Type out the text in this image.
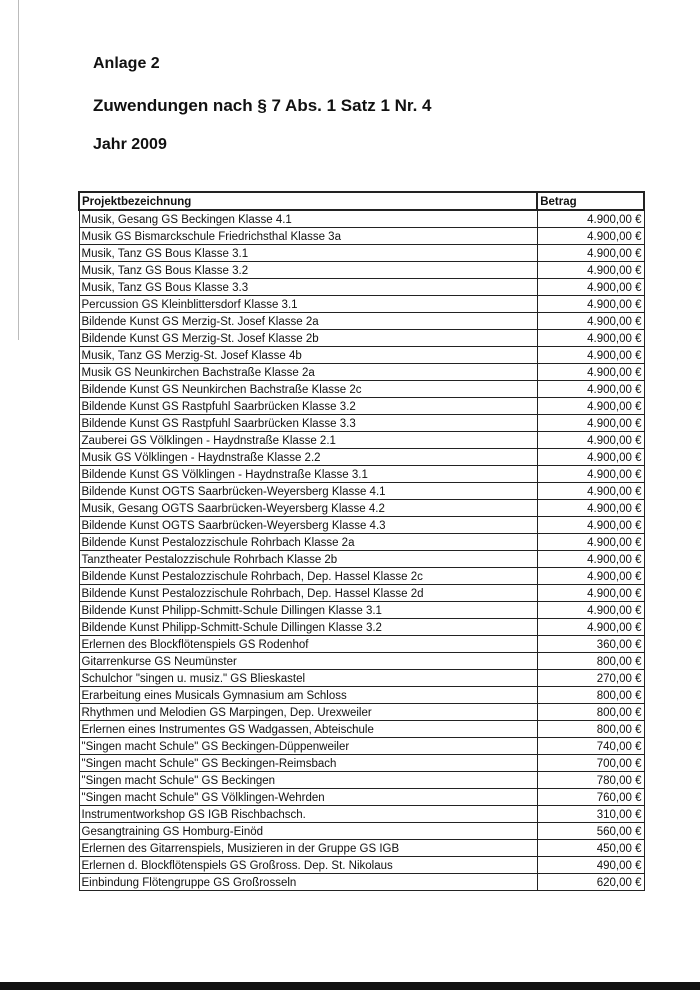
Anlage 2
Zuwendungen nach § 7 Abs. 1 Satz 1 Nr. 4
Jahr 2009
Projektbezeichnung	Betrag
Musik, Gesang GS Beckingen Klasse 4.1	4.900,00 €
Musik GS Bismarckschule Friedrichsthal Klasse 3a	4.900,00 €
Musik, Tanz GS Bous Klasse 3.1	4.900,00 €
Musik, Tanz GS Bous Klasse 3.2	4.900,00 €
Musik, Tanz GS Bous Klasse 3.3	4.900,00 €
Percussion GS Kleinblittersdorf Klasse 3.1	4.900,00 €
Bildende Kunst GS Merzig-St. Josef Klasse 2a	4.900,00 €
Bildende Kunst GS Merzig-St. Josef Klasse 2b	4.900,00 €
Musik, Tanz GS Merzig-St. Josef Klasse 4b	4.900,00 €
Musik GS Neunkirchen Bachstraße Klasse 2a	4.900,00 €
Bildende Kunst GS Neunkirchen Bachstraße Klasse 2c	4.900,00 €
Bildende Kunst GS Rastpfuhl Saarbrücken Klasse 3.2	4.900,00 €
Bildende Kunst GS Rastpfuhl Saarbrücken Klasse 3.3	4.900,00 €
Zauberei GS Völklingen - Haydnstraße Klasse 2.1	4.900,00 €
Musik GS Völklingen - Haydnstraße Klasse 2.2	4.900,00 €
Bildende Kunst GS Völklingen - Haydnstraße Klasse 3.1	4.900,00 €
Bildende Kunst OGTS Saarbrücken-Weyersberg Klasse 4.1	4.900,00 €
Musik, Gesang OGTS Saarbrücken-Weyersberg Klasse 4.2	4.900,00 €
Bildende Kunst OGTS Saarbrücken-Weyersberg Klasse 4.3	4.900,00 €
Bildende Kunst Pestalozzischule Rohrbach Klasse 2a	4.900,00 €
Tanztheater Pestalozzischule Rohrbach Klasse 2b	4.900,00 €
Bildende Kunst Pestalozzischule Rohrbach, Dep. Hassel Klasse 2c	4.900,00 €
Bildende Kunst Pestalozzischule Rohrbach, Dep. Hassel Klasse 2d	4.900,00 €
Bildende Kunst Philipp-Schmitt-Schule Dillingen Klasse 3.1	4.900,00 €
Bildende Kunst Philipp-Schmitt-Schule Dillingen Klasse 3.2	4.900,00 €
Erlernen des Blockflötenspiels GS Rodenhof	360,00 €
Gitarrenkurse GS Neumünster	800,00 €
Schulchor "singen u. musiz." GS Blieskastel	270,00 €
Erarbeitung eines Musicals Gymnasium am Schloss	800,00 €
Rhythmen und Melodien GS Marpingen, Dep. Urexweiler	800,00 €
Erlernen eines Instrumentes GS Wadgassen, Abteischule	800,00 €
"Singen macht Schule" GS Beckingen-Düppenweiler	740,00 €
"Singen macht Schule" GS Beckingen-Reimsbach	700,00 €
"Singen macht Schule" GS Beckingen	780,00 €
"Singen macht Schule" GS Völklingen-Wehrden	760,00 €
Instrumentworkshop GS IGB Rischbachsch.	310,00 €
Gesangtraining GS Homburg-Einöd	560,00 €
Erlernen des Gitarrenspiels, Musizieren in der Gruppe GS IGB	450,00 €
Erlernen d. Blockflötenspiels GS Großross. Dep. St. Nikolaus	490,00 €
Einbindung Flötengruppe GS Großrosseln	620,00 €
